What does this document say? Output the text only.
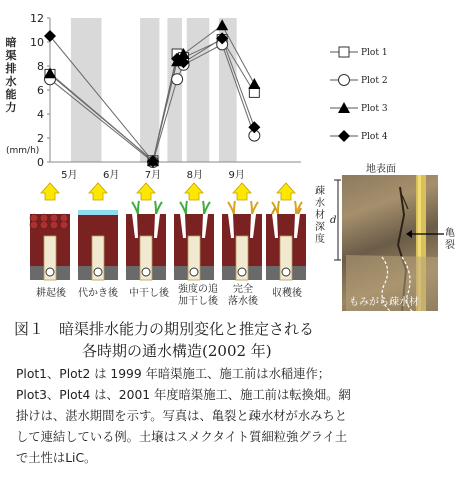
0
2
4
6
8
10
12
5月	6月	7月	8月	9月
暗渠排水能力
(mm/h)
Plot 1
Plot 2
Plot 3
Plot 4
耕起後	代かき後	中干し後 強度の追
加干し後
完全
落水後
収穫後
地表面
もみがら疎水材
疎水材深度
d
亀裂
図１　暗渠排水能力の期別変化と推定される
各時期の通水構造(2002 年)
Plot1、Plot2 は 1999 年暗渠施工、施工前は水稲連作；
Plot3、Plot4 は、2001 年度暗渠施工、施工前は転換畑。網
掛けは、湛水期間を示す。写真は、亀裂と疎水材が水みちと
して連結している例。土壌はスメクタイト質細粒強グライ土
で土性はLiC。
